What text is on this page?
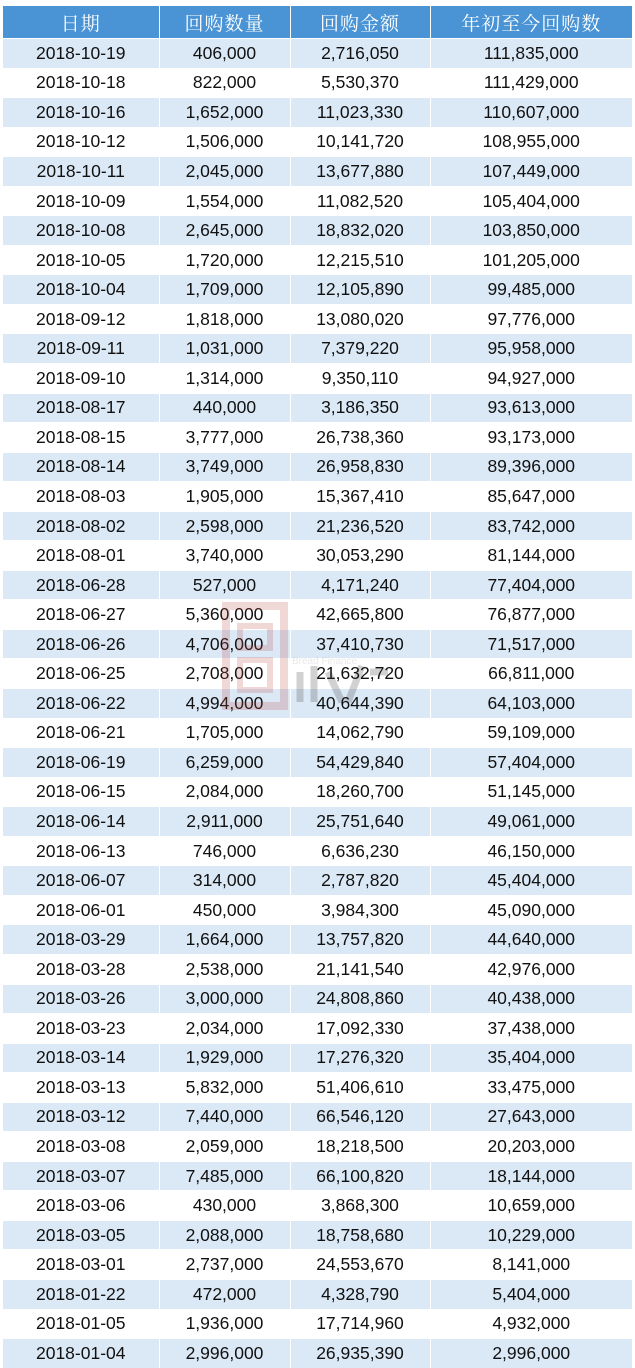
日期	回购数量	回购金额	年初至今回购数
2018-10-19	406,000	2,716,050	111,835,000
2018-10-18	822,000	5,530,370	111,429,000
2018-10-16	1,652,000	11,023,330	110,607,000
2018-10-12	1,506,000	10,141,720	108,955,000
2018-10-11	2,045,000	13,677,880	107,449,000
2018-10-09	1,554,000	11,082,520	105,404,000
2018-10-08	2,645,000	18,832,020	103,850,000
2018-10-05	1,720,000	12,215,510	101,205,000
2018-10-04	1,709,000	12,105,890	99,485,000
2018-09-12	1,818,000	13,080,020	97,776,000
2018-09-11	1,031,000	7,379,220	95,958,000
2018-09-10	1,314,000	9,350,110	94,927,000
2018-08-17	440,000	3,186,350	93,613,000
2018-08-15	3,777,000	26,738,360	93,173,000
2018-08-14	3,749,000	26,958,830	89,396,000
2018-08-03	1,905,000	15,367,410	85,647,000
2018-08-02	2,598,000	21,236,520	83,742,000
2018-08-01	3,740,000	30,053,290	81,144,000
2018-06-28	527,000	4,171,240	77,404,000
2018-06-27	5,360,000	42,665,800	76,877,000
2018-06-26	4,706,000	37,410,730	71,517,000
2018-06-25	2,708,000	21,632,720	66,811,000
2018-06-22	4,994,000	40,644,390	64,103,000
2018-06-21	1,705,000	14,062,790	59,109,000
2018-06-19	6,259,000	54,429,840	57,404,000
2018-06-15	2,084,000	18,260,700	51,145,000
2018-06-14	2,911,000	25,751,640	49,061,000
2018-06-13	746,000	6,636,230	46,150,000
2018-06-07	314,000	2,787,820	45,404,000
2018-06-01	450,000	3,984,300	45,090,000
2018-03-29	1,664,000	13,757,820	44,640,000
2018-03-28	2,538,000	21,141,540	42,976,000
2018-03-26	3,000,000	24,808,860	40,438,000
2018-03-23	2,034,000	17,092,330	37,438,000
2018-03-14	1,929,000	17,276,320	35,404,000
2018-03-13	5,832,000	51,406,610	33,475,000
2018-03-12	7,440,000	66,546,120	27,643,000
2018-03-08	2,059,000	18,218,500	20,203,000
2018-03-07	7,485,000	66,100,820	18,144,000
2018-03-06	430,000	3,868,300	10,659,000
2018-03-05	2,088,000	18,758,680	10,229,000
2018-03-01	2,737,000	24,553,670	8,141,000
2018-01-22	472,000	4,328,790	5,404,000
2018-01-05	1,936,000	17,714,960	4,932,000
2018-01-04	2,996,000	26,935,390	2,996,000
Bread Finance
